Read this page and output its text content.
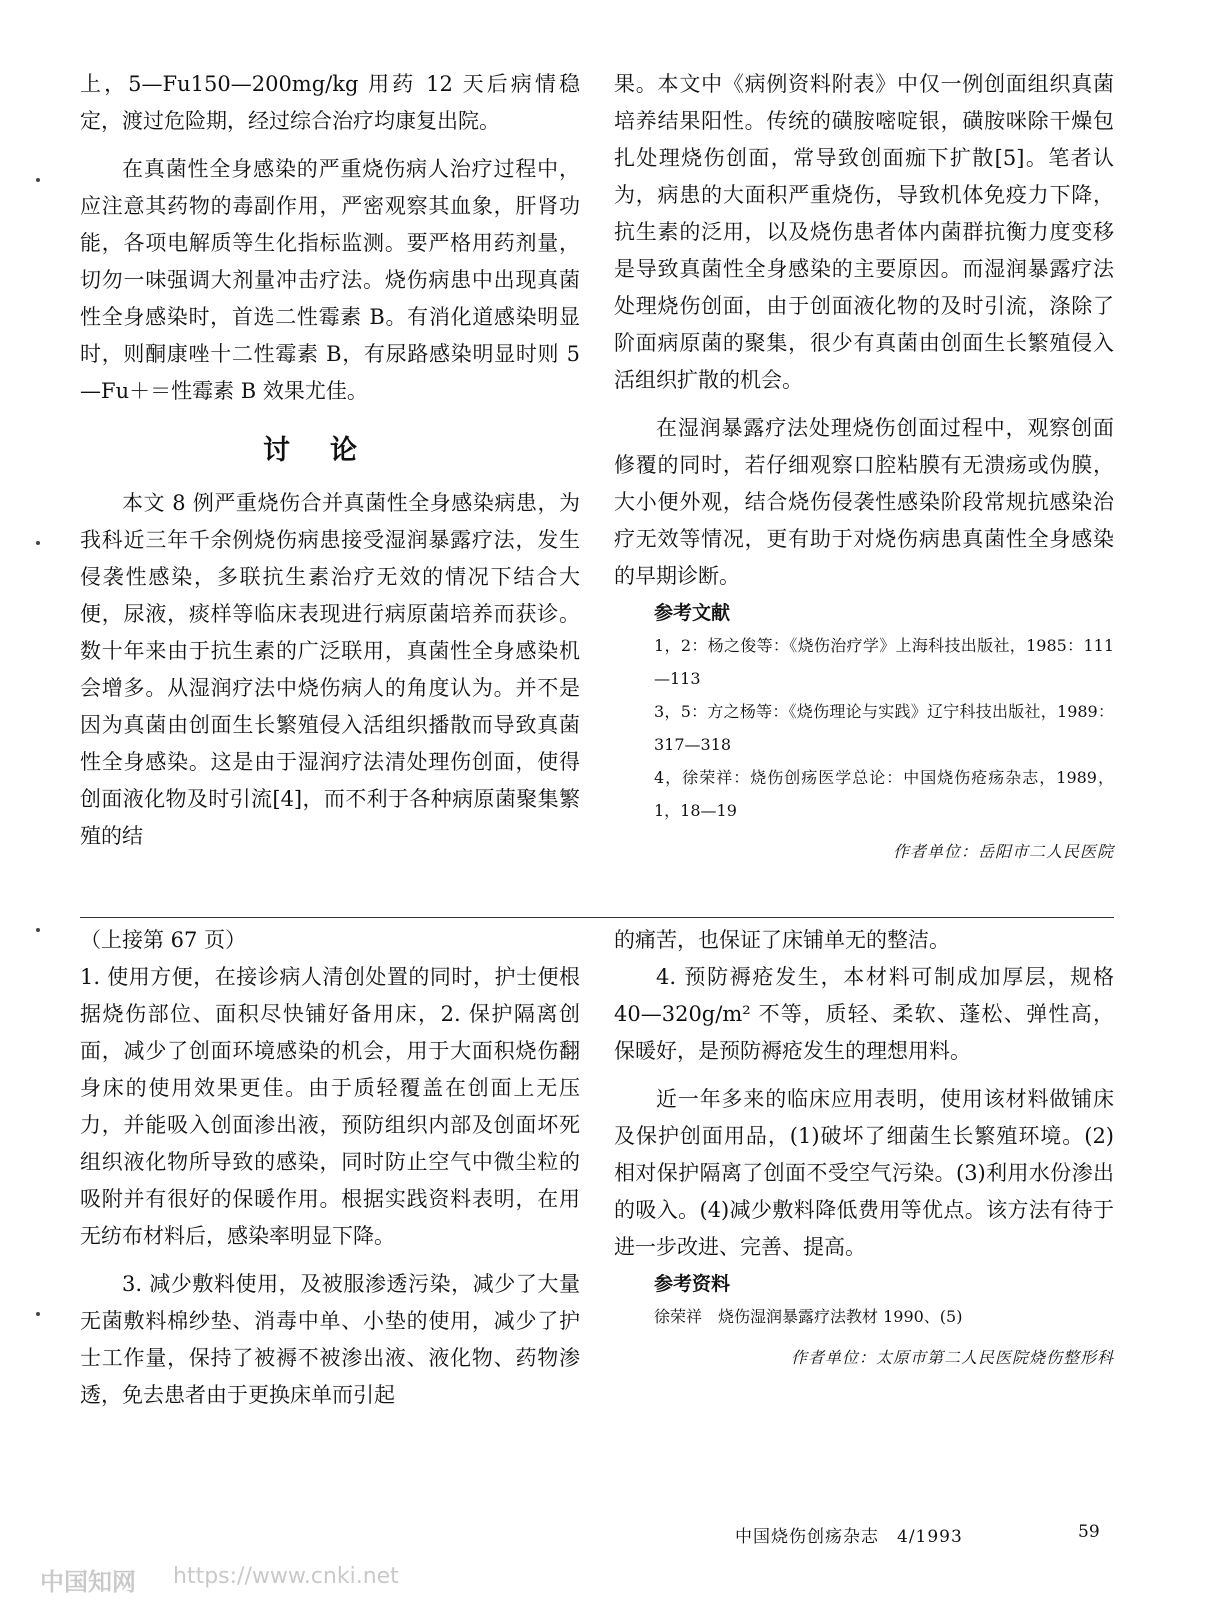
上，5—Fu150—200mg/kg 用药 12 天后病情稳定，渡过危险期，经过综合治疗均康复出院。

在真菌性全身感染的严重烧伤病人治疗过程中，应注意其药物的毒副作用，严密观察其血象，肝肾功能，各项电解质等生化指标监测。要严格用药剂量，切勿一味强调大剂量冲击疗法。烧伤病患中出现真菌性全身感染时，首选二性霉素 B。有消化道感染明显时，则酮康唑十二性霉素 B，有尿路感染明显时则 5—Fu＋＝性霉素 B 效果尤佳。

讨论

本文 8 例严重烧伤合并真菌性全身感染病患，为我科近三年千余例烧伤病患接受湿润暴露疗法，发生侵袭性感染，多联抗生素治疗无效的情况下结合大便，尿液，痰样等临床表现进行病原菌培养而获诊。数十年来由于抗生素的广泛联用，真菌性全身感染机会增多。从湿润疗法中烧伤病人的角度认为。并不是因为真菌由创面生长繁殖侵入活组织播散而导致真菌性全身感染。这是由于湿润疗法清处理伤创面，使得创面液化物及时引流[4]，而不利于各种病原菌聚集繁殖的结

果。本文中《病例资料附表》中仅一例创面组织真菌培养结果阳性。传统的磺胺嘧啶银，磺胺咪除干燥包扎处理烧伤创面，常导致创面痂下扩散[5]。笔者认为，病患的大面积严重烧伤，导致机体免疫力下降，抗生素的泛用，以及烧伤患者体内菌群抗衡力度变移是导致真菌性全身感染的主要原因。而湿润暴露疗法处理烧伤创面，由于创面液化物的及时引流，涤除了阶面病原菌的聚集，很少有真菌由创面生长繁殖侵入活组织扩散的机会。

在湿润暴露疗法处理烧伤创面过程中，观察创面修覆的同时，若仔细观察口腔粘膜有无溃疡或伪膜，大小便外观，结合烧伤侵袭性感染阶段常规抗感染治疗无效等情况，更有助于对烧伤病患真菌性全身感染的早期诊断。

参考文献

1，2：杨之俊等：《烧伤治疗学》上海科技出版社，1985：111—113

3，5：方之杨等：《烧伤理论与实践》辽宁科技出版社，1989：317—318

4，徐荣祥：烧伤创疡医学总论：中国烧伤疮疡杂志，1989，1，18—19

作者单位：岳阳市二人民医院

（上接第 67 页）

1. 使用方便，在接诊病人清创处置的同时，护士便根据烧伤部位、面积尽快铺好备用床，2. 保护隔离创面，减少了创面环境感染的机会，用于大面积烧伤翻身床的使用效果更佳。由于质轻覆盖在创面上无压力，并能吸入创面渗出液，预防组织内部及创面坏死组织液化物所导致的感染，同时防止空气中微尘粒的吸附并有很好的保暖作用。根据实践资料表明，在用无纺布材料后，感染率明显下降。

3. 减少敷料使用，及被服渗透污染，减少了大量无菌敷料棉纱垫、消毒中单、小垫的使用，减少了护士工作量，保持了被褥不被渗出液、液化物、药物渗透，免去患者由于更换床单而引起

的痛苦，也保证了床铺单无的整洁。

4. 预防褥疮发生，本材料可制成加厚层，规格 40—320g/m² 不等，质轻、柔软、蓬松、弹性高，保暖好，是预防褥疮发生的理想用料。

近一年多来的临床应用表明，使用该材料做铺床及保护创面用品，(1)破坏了细菌生长繁殖环境。(2)相对保护隔离了创面不受空气污染。(3)利用水份渗出的吸入。(4)减少敷料降低费用等优点。该方法有待于进一步改进、完善、提高。

参考资料

徐荣祥　烧伤湿润暴露疗法教材 1990、(5)

作者单位：太原市第二人民医院烧伤整形科

中国烧伤创疡杂志　4/1993	59
中国知网 https://www.cnki.net
